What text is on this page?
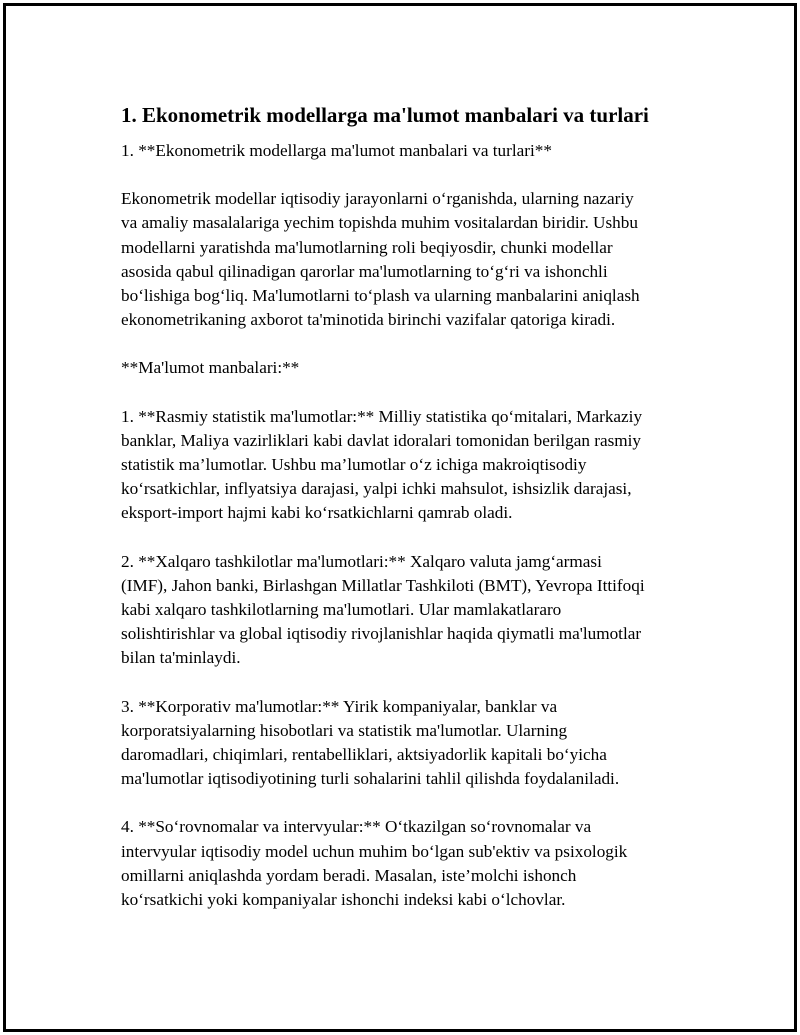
1. Ekonometrik modellarga ma'lumot manbalari va turlari
1. **Ekonometrik modellarga ma'lumot manbalari va turlari**
Ekonometrik modellar iqtisodiy jarayonlarni o‘rganishda, ularning nazariy
va amaliy masalalariga yechim topishda muhim vositalardan biridir. Ushbu
modellarni yaratishda ma'lumotlarning roli beqiyosdir, chunki modellar
asosida qabul qilinadigan qarorlar ma'lumotlarning to‘g‘ri va ishonchli
bo‘lishiga bog‘liq. Ma'lumotlarni to‘plash va ularning manbalarini aniqlash
ekonometrikaning axborot ta'minotida birinchi vazifalar qatoriga kiradi.
**Ma'lumot manbalari:**
1. **Rasmiy statistik ma'lumotlar:** Milliy statistika qo‘mitalari, Markaziy
banklar, Maliya vazirliklari kabi davlat idoralari tomonidan berilgan rasmiy
statistik ma’lumotlar. Ushbu ma’lumotlar o‘z ichiga makroiqtisodiy
ko‘rsatkichlar, inflyatsiya darajasi, yalpi ichki mahsulot, ishsizlik darajasi,
eksport-import hajmi kabi ko‘rsatkichlarni qamrab oladi.
2. **Xalqaro tashkilotlar ma'lumotlari:** Xalqaro valuta jamg‘armasi
(IMF), Jahon banki, Birlashgan Millatlar Tashkiloti (BMT), Yevropa Ittifoqi
kabi xalqaro tashkilotlarning ma'lumotlari. Ular mamlakatlararo
solishtirishlar va global iqtisodiy rivojlanishlar haqida qiymatli ma'lumotlar
bilan ta'minlaydi.
3. **Korporativ ma'lumotlar:** Yirik kompaniyalar, banklar va
korporatsiyalarning hisobotlari va statistik ma'lumotlar. Ularning
daromadlari, chiqimlari, rentabelliklari, aktsiyadorlik kapitali bo‘yicha
ma'lumotlar iqtisodiyotining turli sohalarini tahlil qilishda foydalaniladi.
4. **So‘rovnomalar va intervyular:** O‘tkazilgan so‘rovnomalar va
intervyular iqtisodiy model uchun muhim bo‘lgan sub'ektiv va psixologik
omillarni aniqlashda yordam beradi. Masalan, iste’molchi ishonch
ko‘rsatkichi yoki kompaniyalar ishonchi indeksi kabi o‘lchovlar.
